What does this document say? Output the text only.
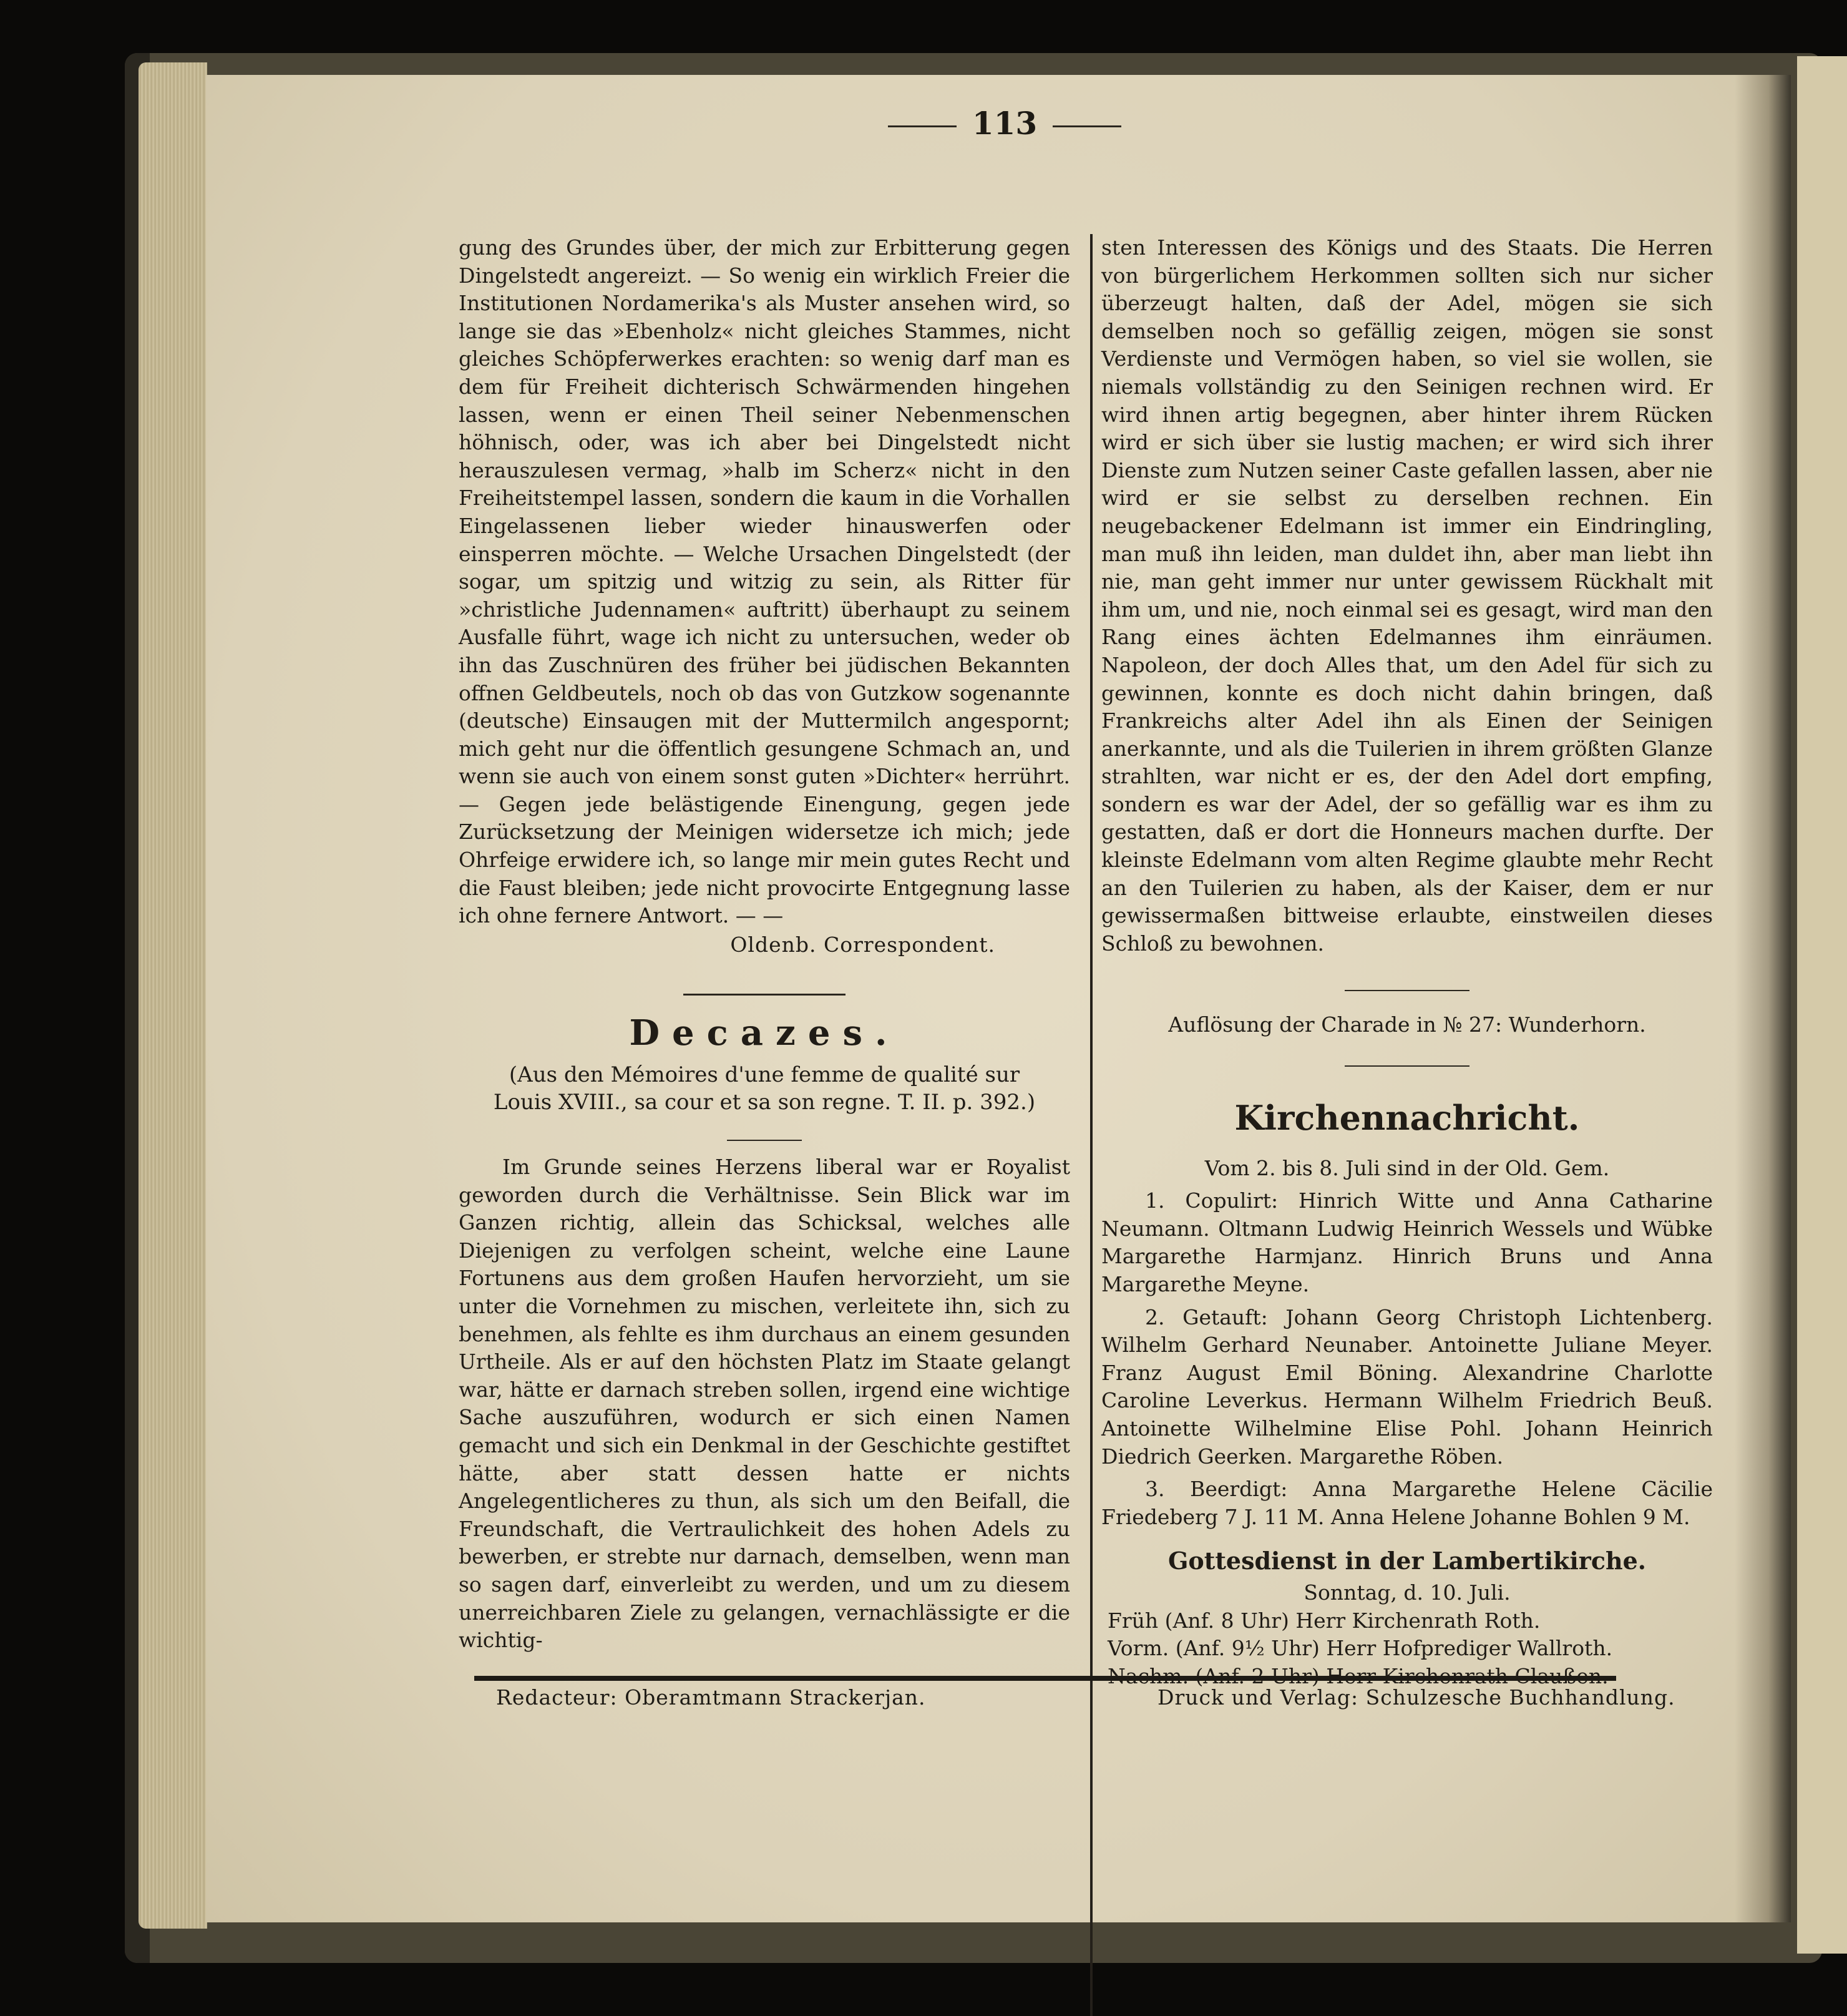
113

gung des Grundes über, der mich zur Erbitterung gegen Dingelstedt angereizt. — So wenig ein wirklich Freier die Institutionen Nordamerika's als Muster ansehen wird, so lange sie das »Ebenholz« nicht gleiches Stammes, nicht gleiches Schöpferwerkes erachten: so wenig darf man es dem für Freiheit dichterisch Schwärmenden hingehen lassen, wenn er einen Theil seiner Nebenmenschen höhnisch, oder, was ich aber bei Dingelstedt nicht herauszulesen vermag, »halb im Scherz« nicht in den Freiheitstempel lassen, sondern die kaum in die Vorhallen Eingelassenen lieber wieder hinauswerfen oder einsperren möchte. — Welche Ursachen Dingelstedt (der sogar, um spitzig und witzig zu sein, als Ritter für »christliche Judennamen« auftritt) überhaupt zu seinem Ausfalle führt, wage ich nicht zu untersuchen, weder ob ihn das Zuschnüren des früher bei jüdischen Bekannten offnen Geldbeutels, noch ob das von Gutzkow sogenannte (deutsche) Einsaugen mit der Muttermilch angespornt; mich geht nur die öffentlich gesungene Schmach an, und wenn sie auch von einem sonst guten »Dichter« herrührt. — Gegen jede belästigende Einengung, gegen jede Zurücksetzung der Meinigen widersetze ich mich; jede Ohrfeige erwidere ich, so lange mir mein gutes Recht und die Faust bleiben; jede nicht provocirte Entgegnung lasse ich ohne fernere Antwort. — —

Oldenb. Correspondent.

Decazes.

(Aus den Mémoires d'une femme de qualité sur Louis XVIII., sa cour et sa son regne. T. II. p. 392.)

Im Grunde seines Herzens liberal war er Royalist geworden durch die Verhältnisse. Sein Blick war im Ganzen richtig, allein das Schicksal, welches alle Diejenigen zu verfolgen scheint, welche eine Laune Fortunens aus dem großen Haufen hervorzieht, um sie unter die Vornehmen zu mischen, verleitete ihn, sich zu benehmen, als fehlte es ihm durchaus an einem gesunden Urtheile. Als er auf den höchsten Platz im Staate gelangt war, hätte er darnach streben sollen, irgend eine wichtige Sache auszuführen, wodurch er sich einen Namen gemacht und sich ein Denkmal in der Geschichte gestiftet hätte, aber statt dessen hatte er nichts Angelegentlicheres zu thun, als sich um den Beifall, die Freundschaft, die Vertraulichkeit des hohen Adels zu bewerben, er strebte nur darnach, demselben, wenn man so sagen darf, einverleibt zu werden, und um zu diesem unerreichbaren Ziele zu gelangen, vernachlässigte er die wichtig-

sten Interessen des Königs und des Staats. Die Herren von bürgerlichem Herkommen sollten sich nur sicher überzeugt halten, daß der Adel, mögen sie sich demselben noch so gefällig zeigen, mögen sie sonst Verdienste und Vermögen haben, so viel sie wollen, sie niemals vollständig zu den Seinigen rechnen wird. Er wird ihnen artig begegnen, aber hinter ihrem Rücken wird er sich über sie lustig machen; er wird sich ihrer Dienste zum Nutzen seiner Caste gefallen lassen, aber nie wird er sie selbst zu derselben rechnen. Ein neugebackener Edelmann ist immer ein Eindringling, man muß ihn leiden, man duldet ihn, aber man liebt ihn nie, man geht immer nur unter gewissem Rückhalt mit ihm um, und nie, noch einmal sei es gesagt, wird man den Rang eines ächten Edelmannes ihm einräumen. Napoleon, der doch Alles that, um den Adel für sich zu gewinnen, konnte es doch nicht dahin bringen, daß Frankreichs alter Adel ihn als Einen der Seinigen anerkannte, und als die Tuilerien in ihrem größten Glanze strahlten, war nicht er es, der den Adel dort empfing, sondern es war der Adel, der so gefällig war es ihm zu gestatten, daß er dort die Honneurs machen durfte. Der kleinste Edelmann vom alten Regime glaubte mehr Recht an den Tuilerien zu haben, als der Kaiser, dem er nur gewissermaßen bittweise erlaubte, einstweilen dieses Schloß zu bewohnen.

Auflösung der Charade in № 27: Wunderhorn.

Kirchennachricht.

Vom 2. bis 8. Juli sind in der Old. Gem.

1. Copulirt: Hinrich Witte und Anna Catharine Neumann. Oltmann Ludwig Heinrich Wessels und Wübke Margarethe Harmjanz. Hinrich Bruns und Anna Margarethe Meyne.

2. Getauft: Johann Georg Christoph Lichtenberg. Wilhelm Gerhard Neunaber. Antoinette Juliane Meyer. Franz August Emil Böning. Alexandrine Charlotte Caroline Leverkus. Hermann Wilhelm Friedrich Beuß. Antoinette Wilhelmine Elise Pohl. Johann Heinrich Diedrich Geerken. Margarethe Röben.

3. Beerdigt: Anna Margarethe Helene Cäcilie Friedeberg 7 J. 11 M. Anna Helene Johanne Bohlen 9 M.

Gottesdienst in der Lambertikirche.

Sonntag, d. 10. Juli.

Früh (Anf. 8 Uhr) Herr Kirchenrath Roth.

Vorm. (Anf. 9½ Uhr) Herr Hofprediger Wallroth.

Redacteur: Oberamtmann Strackerjan.	Druck und Verlag: Schulzesche Buchhandlung.
